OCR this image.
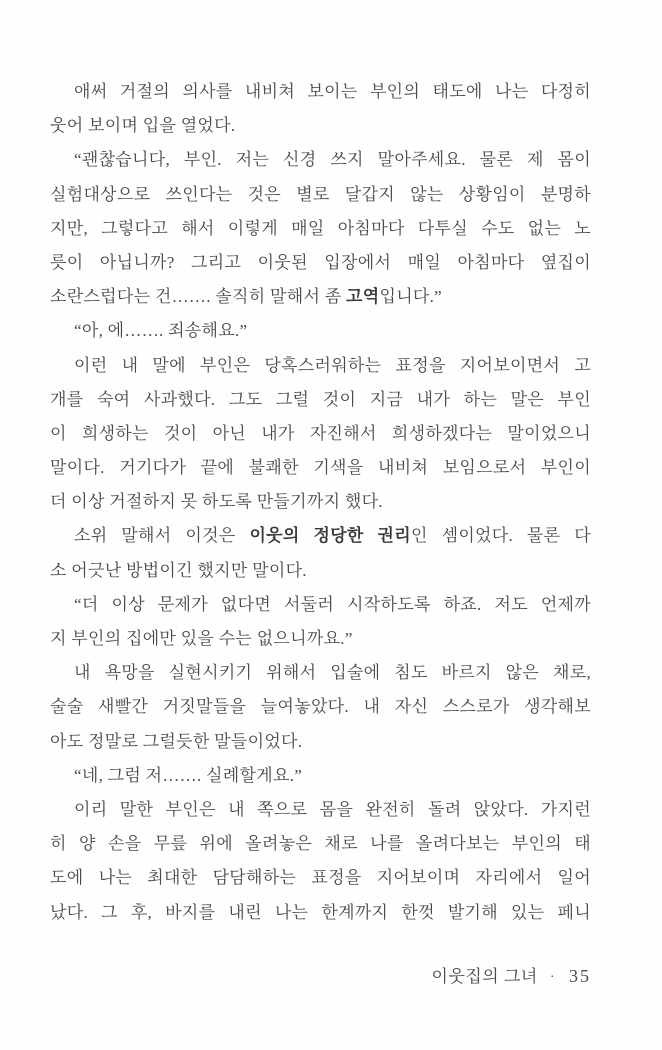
애써 거절의 의사를 내비쳐 보이는 부인의 태도에 나는 다정히
웃어 보이며 입을 열었다.
“괜찮습니다, 부인. 저는 신경 쓰지 말아주세요. 물론 제 몸이
실험대상으로 쓰인다는 것은 별로 달갑지 않는 상황임이 분명하
지만, 그렇다고 해서 이렇게 매일 아침마다 다투실 수도 없는 노
릇이 아닙니까? 그리고 이웃된 입장에서 매일 아침마다 옆집이
소란스럽다는 건……. 솔직히 말해서 좀 고역입니다.”
“아, 에……. 죄송해요.”
이런 내 말에 부인은 당혹스러워하는 표정을 지어보이면서 고
개를 숙여 사과했다. 그도 그럴 것이 지금 내가 하는 말은 부인
이 희생하는 것이 아닌 내가 자진해서 희생하겠다는 말이었으니
말이다. 거기다가 끝에 불쾌한 기색을 내비쳐 보임으로서 부인이
더 이상 거절하지 못 하도록 만들기까지 했다.
소위 말해서 이것은 이웃의 정당한 권리인 셈이었다. 물론 다
소 어긋난 방법이긴 했지만 말이다.
“더 이상 문제가 없다면 서둘러 시작하도록 하죠. 저도 언제까
지 부인의 집에만 있을 수는 없으니까요.”
내 욕망을 실현시키기 위해서 입술에 침도 바르지 않은 채로,
술술 새빨간 거짓말들을 늘여놓았다. 내 자신 스스로가 생각해보
아도 정말로 그럴듯한 말들이었다.
“네, 그럼 저……. 실례할게요.”
이리 말한 부인은 내 쪽으로 몸을 완전히 돌려 앉았다. 가지런
히 양 손을 무릎 위에 올려놓은 채로 나를 올려다보는 부인의 태
도에 나는 최대한 담담해하는 표정을 지어보이며 자리에서 일어
났다. 그 후, 바지를 내린 나는 한계까지 한껏 발기해 있는 페니
이웃집의 그녀 · 35
